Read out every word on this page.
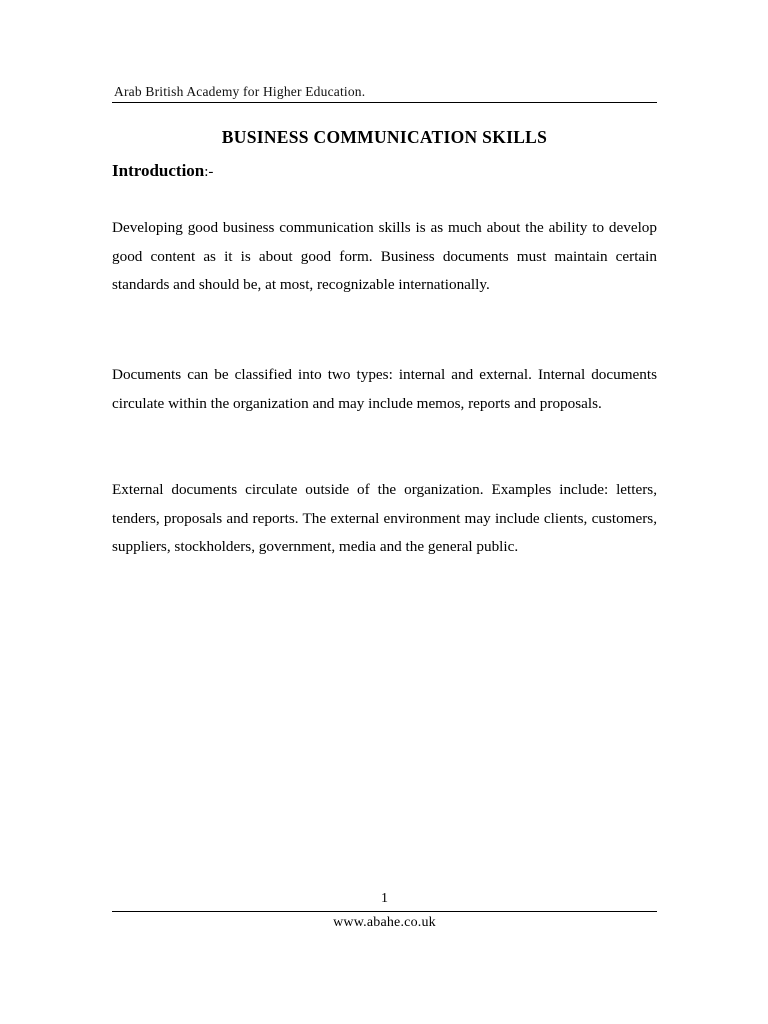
Arab British Academy for Higher Education.
BUSINESS COMMUNICATION SKILLS
Introduction:-
Developing good business communication skills is as much about the ability to develop good content as it is about good form. Business documents must maintain certain standards and should be, at most, recognizable internationally.
Documents can be classified into two types: internal and external. Internal documents circulate within the organization and may include memos, reports and proposals.
External documents circulate outside of the organization. Examples include: letters, tenders, proposals and reports. The external environment may include clients, customers, suppliers, stockholders, government, media and the general public.
1
www.abahe.co.uk
